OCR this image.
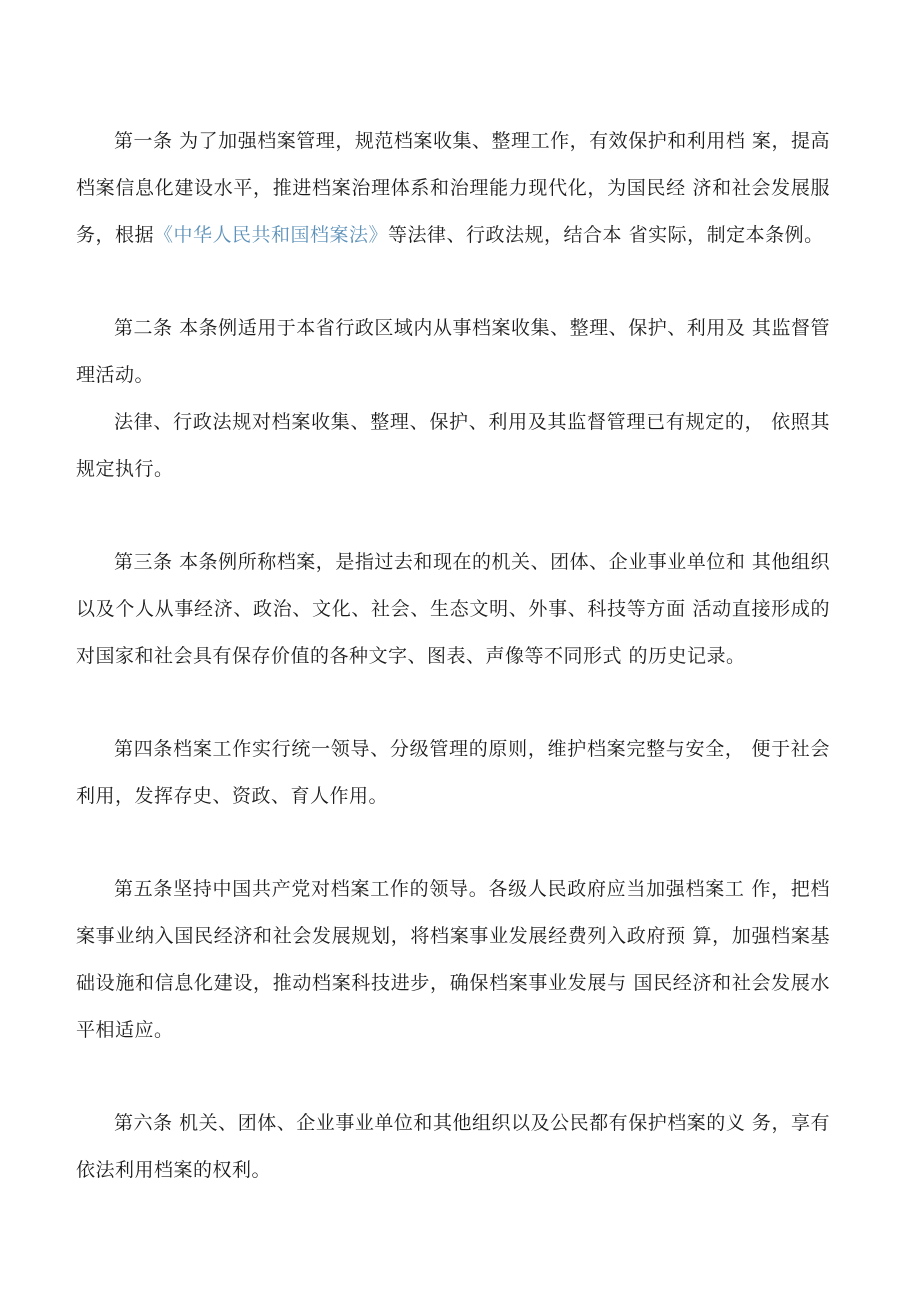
第一条 为了加强档案管理，规范档案收集、整理工作，有效保护和利用档 案，提高档案信息化建设水平，推进档案治理体系和治理能力现代化，为国民经 济和社会发展服务，根据《中华人民共和国档案法》等法律、行政法规，结合本 省实际，制定本条例。

第二条 本条例适用于本省行政区域内从事档案收集、整理、保护、利用及 其监督管理活动。

法律、行政法规对档案收集、整理、保护、利用及其监督管理已有规定的， 依照其规定执行。

第三条 本条例所称档案，是指过去和现在的机关、团体、企业事业单位和 其他组织以及个人从事经济、政治、文化、社会、生态文明、外事、科技等方面 活动直接形成的对国家和社会具有保存价值的各种文字、图表、声像等不同形式 的历史记录。

第四条档案工作实行统一领导、分级管理的原则，维护档案完整与安全， 便于社会利用，发挥存史、资政、育人作用。

第五条坚持中国共产党对档案工作的领导。各级人民政府应当加强档案工 作，把档案事业纳入国民经济和社会发展规划，将档案事业发展经费列入政府预 算，加强档案基础设施和信息化建设，推动档案科技进步，确保档案事业发展与 国民经济和社会发展水平相适应。

第六条 机关、团体、企业事业单位和其他组织以及公民都有保护档案的义 务，享有依法利用档案的权利。
